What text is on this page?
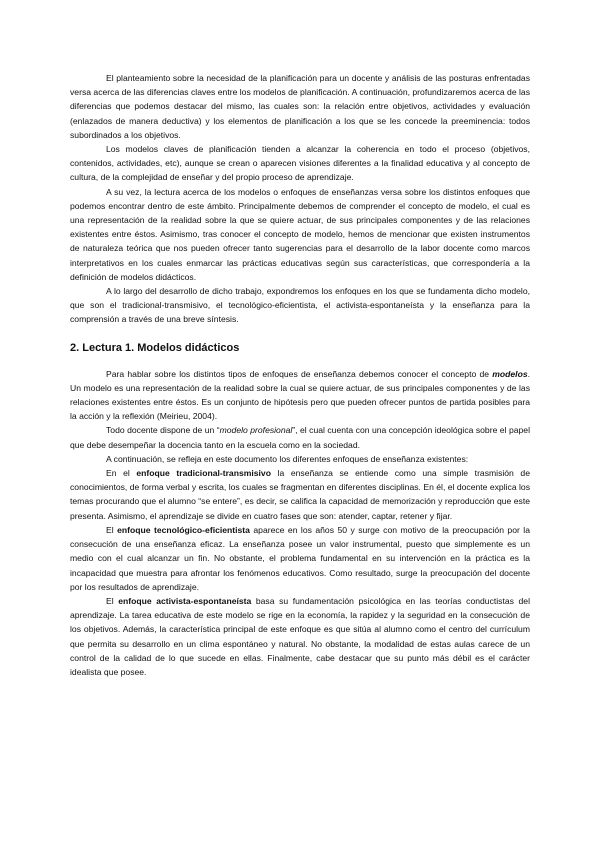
El planteamiento sobre la necesidad de la planificación para un docente y análisis de las posturas enfrentadas versa acerca de las diferencias claves entre los modelos de planificación. A continuación, profundizaremos acerca de las diferencias que podemos destacar del mismo, las cuales son: la relación entre objetivos, actividades y evaluación (enlazados de manera deductiva) y los elementos de planificación a los que se les concede la preeminencia: todos subordinados a los objetivos.

Los modelos claves de planificación tienden a alcanzar la coherencia en todo el proceso (objetivos, contenidos, actividades, etc), aunque se crean o aparecen visiones diferentes a la finalidad educativa y al concepto de cultura, de la complejidad de enseñar y del propio proceso de aprendizaje.

A su vez, la lectura acerca de los modelos o enfoques de enseñanzas versa sobre los distintos enfoques que podemos encontrar dentro de este ámbito. Principalmente debemos de comprender el concepto de modelo, el cual es una representación de la realidad sobre la que se quiere actuar, de sus principales componentes y de las relaciones existentes entre éstos. Asimismo, tras conocer el concepto de modelo, hemos de mencionar que existen instrumentos de naturaleza teórica que nos pueden ofrecer tanto sugerencias para el desarrollo de la labor docente como marcos interpretativos en los cuales enmarcar las prácticas educativas según sus características, que correspondería a la definición de modelos didácticos.

A lo largo del desarrollo de dicho trabajo, expondremos los enfoques en los que se fundamenta dicho modelo, que son el tradicional-transmisivo, el tecnológico-eficientista, el activista-espontaneísta y la enseñanza para la comprensión a través de una breve síntesis.

2. Lectura 1. Modelos didácticos

Para hablar sobre los distintos tipos de enfoques de enseñanza debemos conocer el concepto de modelos. Un modelo es una representación de la realidad sobre la cual se quiere actuar, de sus principales componentes y de las relaciones existentes entre éstos. Es un conjunto de hipótesis pero que pueden ofrecer puntos de partida posibles para la acción y la reflexión (Meirieu, 2004).

Todo docente dispone de un “modelo profesional”, el cual cuenta con una concepción ideológica sobre el papel que debe desempeñar la docencia tanto en la escuela como en la sociedad.

A continuación, se refleja en este documento los diferentes enfoques de enseñanza existentes:

En el enfoque tradicional-transmisivo la enseñanza se entiende como una simple trasmisión de conocimientos, de forma verbal y escrita, los cuales se fragmentan en diferentes disciplinas. En él, el docente explica los temas procurando que el alumno “se entere”, es decir, se califica la capacidad de memorización y reproducción que este presenta. Asimismo, el aprendizaje se divide en cuatro fases que son: atender, captar, retener y fijar.

El enfoque tecnológico-eficientista aparece en los años 50 y surge con motivo de la preocupación por la consecución de una enseñanza eficaz. La enseñanza posee un valor instrumental, puesto que simplemente es un medio con el cual alcanzar un fin. No obstante, el problema fundamental en su intervención en la práctica es la incapacidad que muestra para afrontar los fenómenos educativos. Como resultado, surge la preocupación del docente por los resultados de aprendizaje.

El enfoque activista-espontaneísta basa su fundamentación psicológica en las teorías conductistas del aprendizaje. La tarea educativa de este modelo se rige en la economía, la rapidez y la seguridad en la consecución de los objetivos. Además, la característica principal de este enfoque es que sitúa al alumno como el centro del currículum que permita su desarrollo en un clima espontáneo y natural. No obstante, la modalidad de estas aulas carece de un control de la calidad de lo que sucede en ellas. Finalmente, cabe destacar que su punto más débil es el carácter idealista que posee.
